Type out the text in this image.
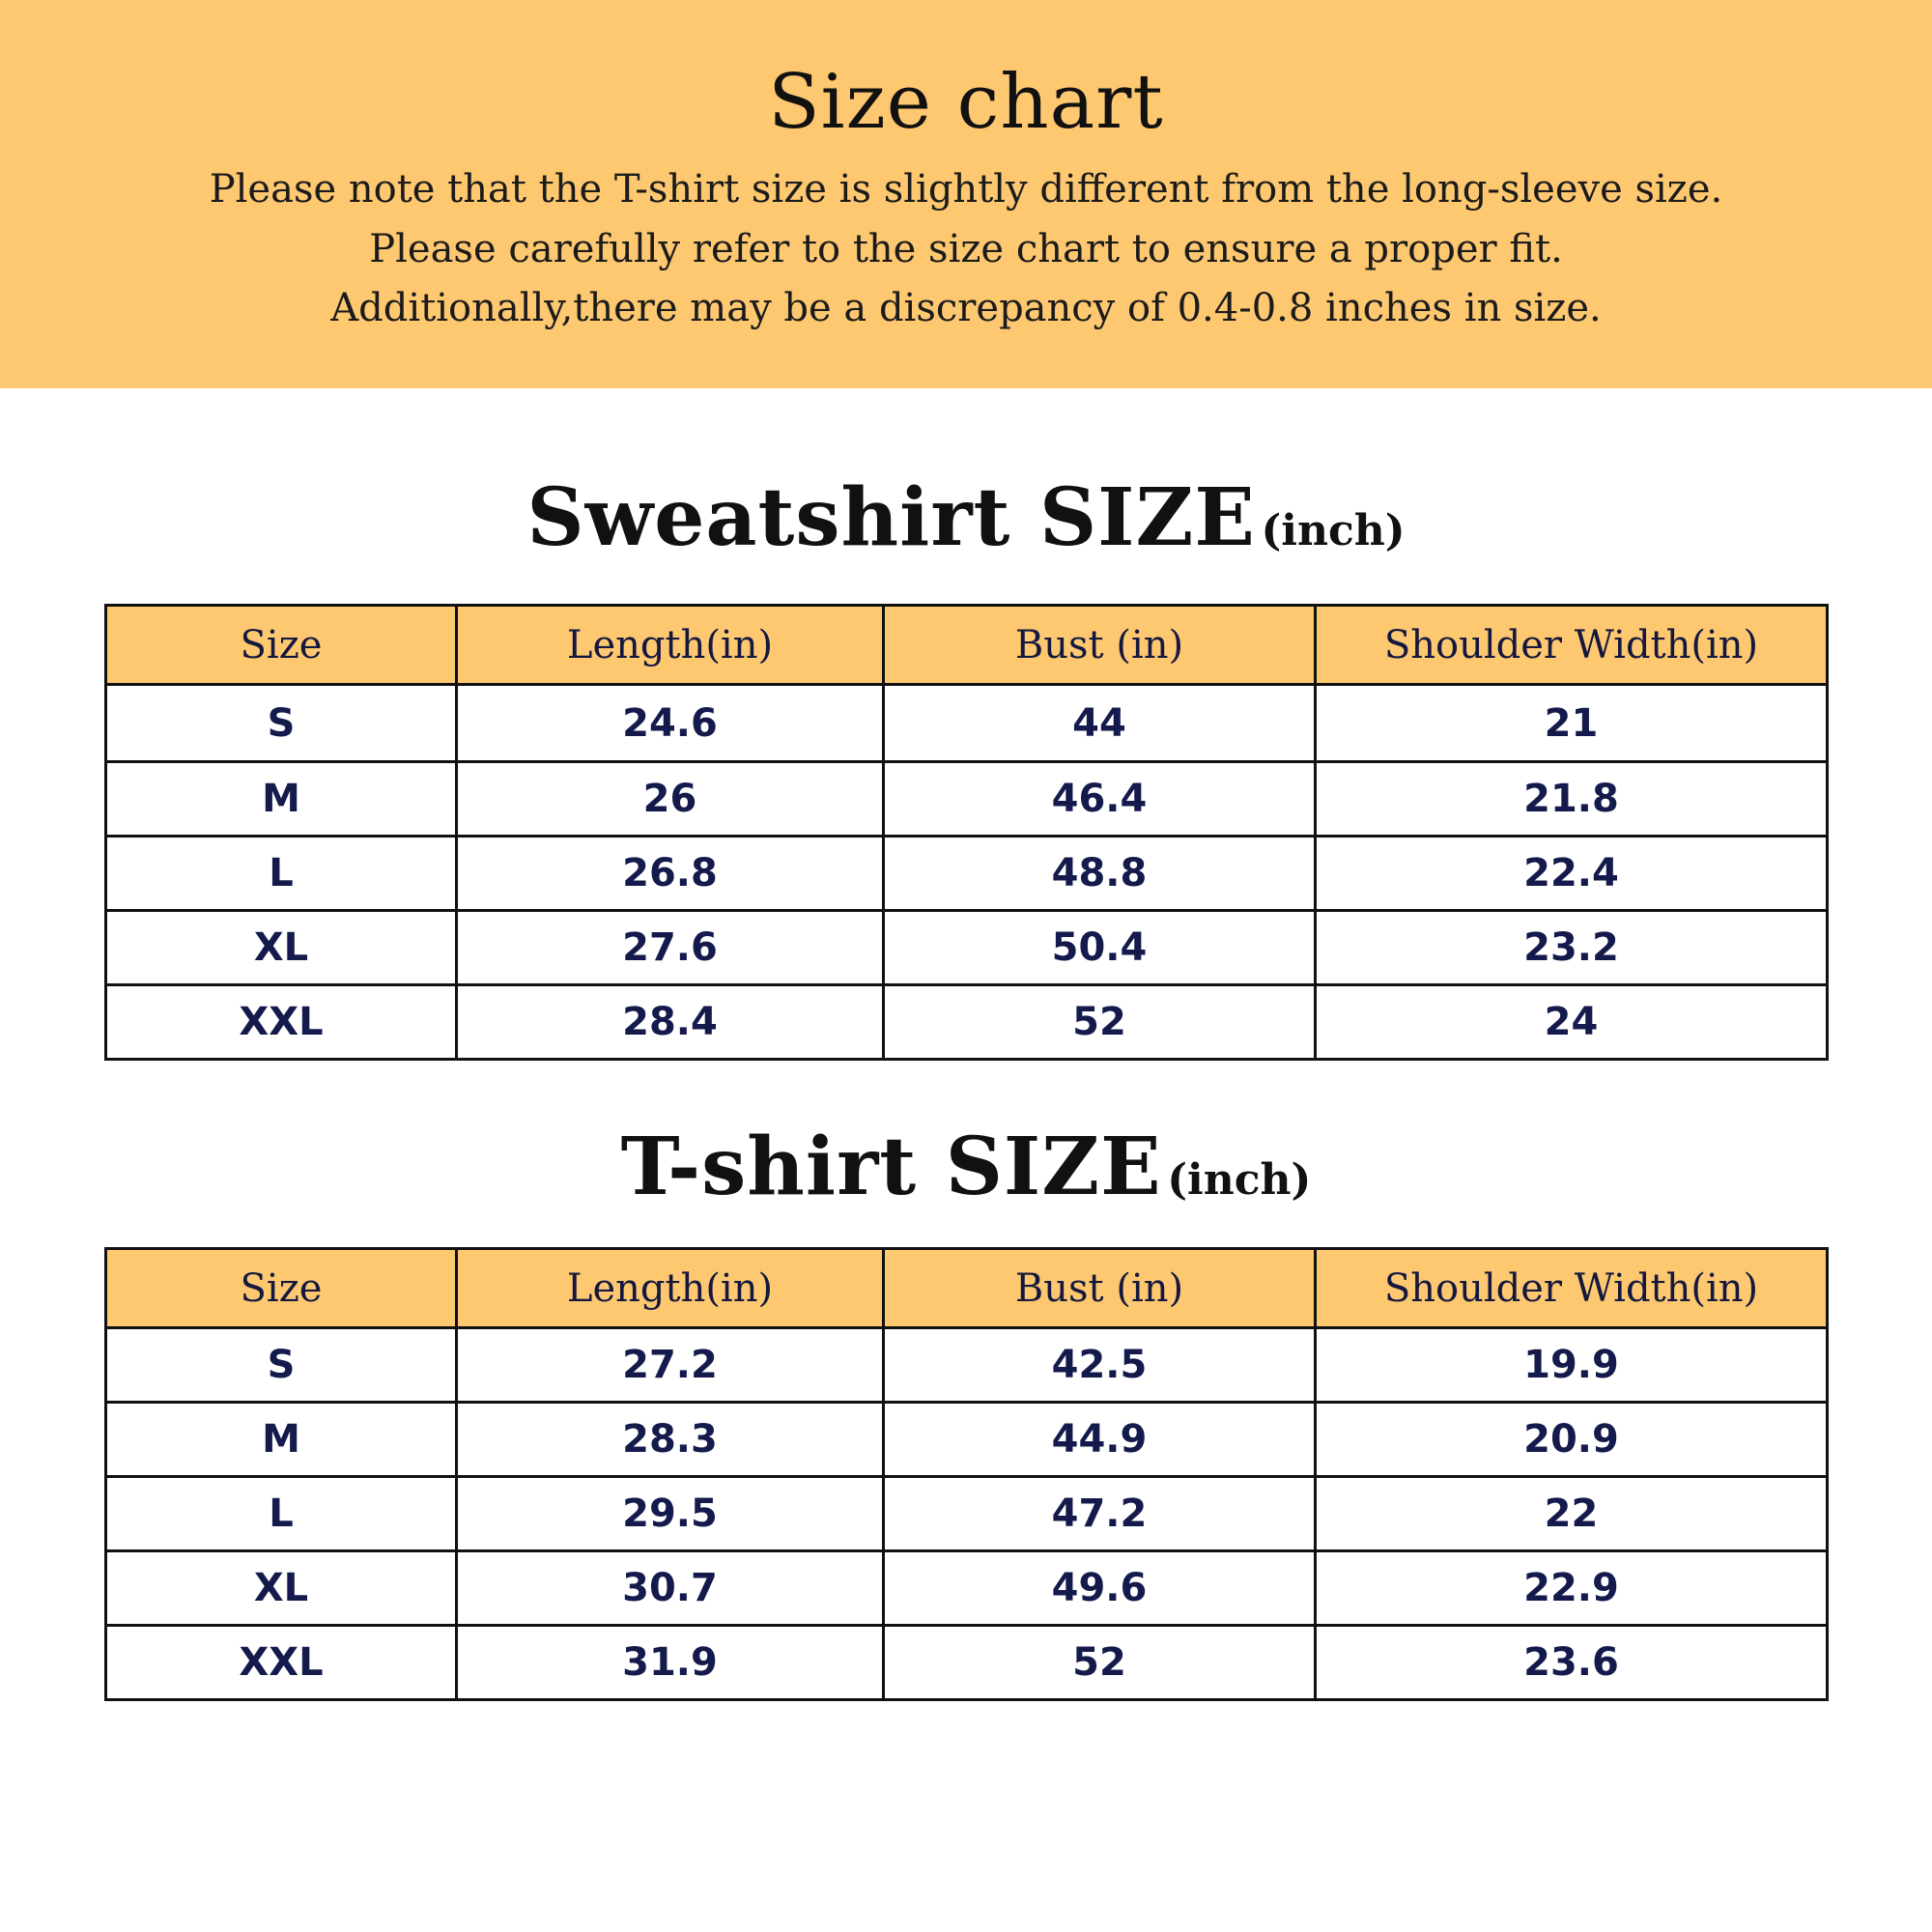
Size chart
Please note that the T-shirt size is slightly different from the long-sleeve size.
Please carefully refer to the size chart to ensure a proper fit.
Additionally,there may be a discrepancy of 0.4-0.8 inches in size.
Sweatshirt SIZE (inch)
Size	Length(in)	Bust (in)	Shoulder Width(in)
S	24.6	44	21
M	26	46.4	21.8
L	26.8	48.8	22.4
XL	27.6	50.4	23.2
XXL	28.4	52	24
T-shirt SIZE (inch)
Size	Length(in)	Bust (in)	Shoulder Width(in)
S	27.2	42.5	19.9
M	28.3	44.9	20.9
L	29.5	47.2	22
XL	30.7	49.6	22.9
XXL	31.9	52	23.6
